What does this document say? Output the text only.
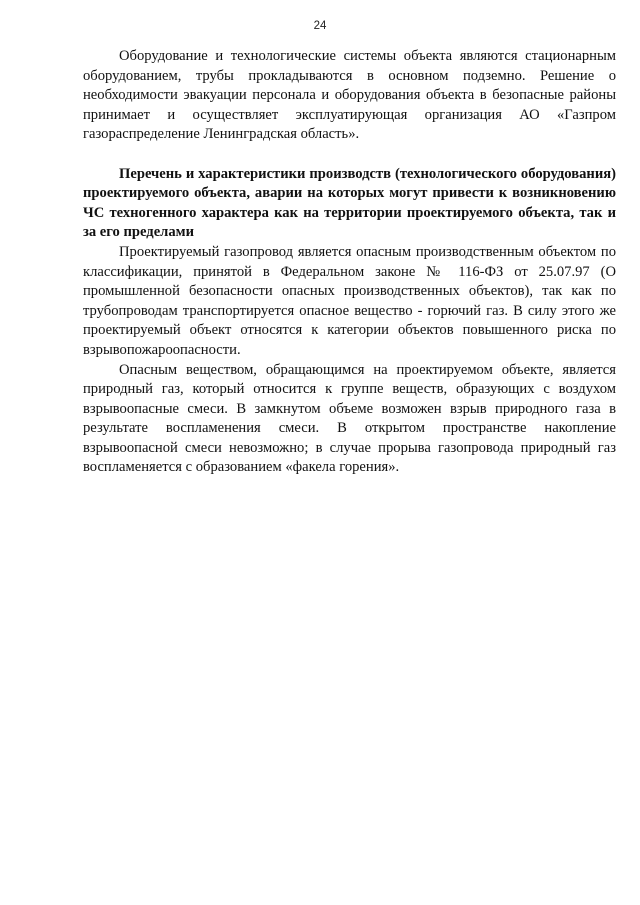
24

Оборудование и технологические системы объекта являются стационарным оборудованием, трубы прокладываются в основном подземно. Решение о необходимости эвакуации персонала и оборудования объекта в безопасные районы принимает и осуществляет эксплуатирующая организация АО «Газпром газораспределение Ленинградская область».

Перечень и характеристики производств (технологического оборудования) проектируемого объекта, аварии на которых могут привести к возникновению ЧС техногенного характера как на территории проектируемого объекта, так и за его пределами

Проектируемый газопровод является опасным производственным объектом по классификации, принятой в Федеральном законе № 116-ФЗ от 25.07.97 (О промышленной безопасности опасных производственных объектов), так как по трубопроводам транспортируется опасное вещество - горючий газ. В силу этого же проектируемый объект относятся к категории объектов повышенного риска по взрывопожароопасности.

Опасным веществом, обращающимся на проектируемом объекте, является природный газ, который относится к группе веществ, образующих с воздухом взрывоопасные смеси. В замкнутом объеме возможен взрыв природного газа в результате воспламенения смеси. В открытом пространстве накопление взрывоопасной смеси невозможно; в случае прорыва газопровода природный газ воспламеняется с образованием «факела горения».
